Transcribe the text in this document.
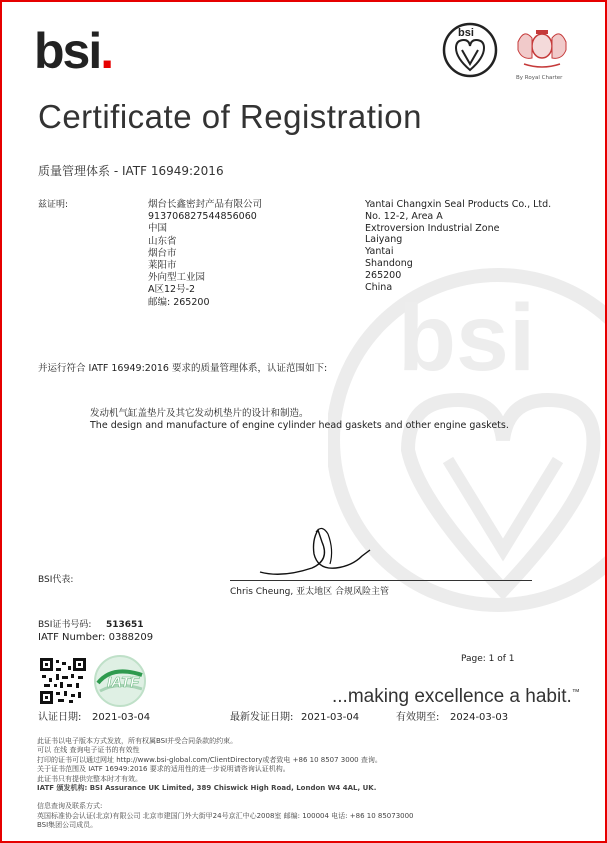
bsi
bsi.	bsi
By Royal Charter
Certificate of Registration
质量管理体系 - IATF 16949:2016
兹证明:	烟台长鑫密封产品有限公司
91370682754485606​0
中国
山东省
烟台市
莱阳市
外向型工业园
A区12号-2
邮编: 265200
Yantai Changxin Seal Products Co., Ltd.
No. 12-2, Area A
Extroversion Industrial Zone
Laiyang
Yantai
Shandong
265200
China
并运行符合 IATF 16949:2016 要求的质量管理体系，认证范围如下:
发动机气缸盖垫片及其它发动机垫片的设计和制造。
The design and manufacture of engine cylinder head gaskets and other engine gaskets.
BSI代表:
Chris Cheung, 亚太地区 合规风险主管
BSI证书号码: 513651
IATF Number: 0388209
Page: 1 of 1
IATF
...making excellence a habit.™
认证日期: 2021-03-04	最新发证日期: 2021-03-04	有效期至: 2024-03-03
此证书以电子版本方式发放，所有权属BSI并受合同条款的约束。
可以 在线 查询电子证书的有效性
打印的证书可以通过网址 http://www.bsi-global.com/ClientDirectory或者致电 +86 10 8507 3000 查询。
关于证书范围及 IATF 16949:2016 要求的适用性的进一步说明请咨询认证机构。
此证书只有提供完整本时才有效。
IATF 颁发机构: BSI Assurance UK Limited, 389 Chiswick High Road, London W4 4AL, UK.
信息查询及联系方式:
英国标准协会认证(北京)有限公司 北京市建国门外大街甲24号京汇中心2008室 邮编: 100004 电话: +86 10 85073000
BSI集团公司成员。
